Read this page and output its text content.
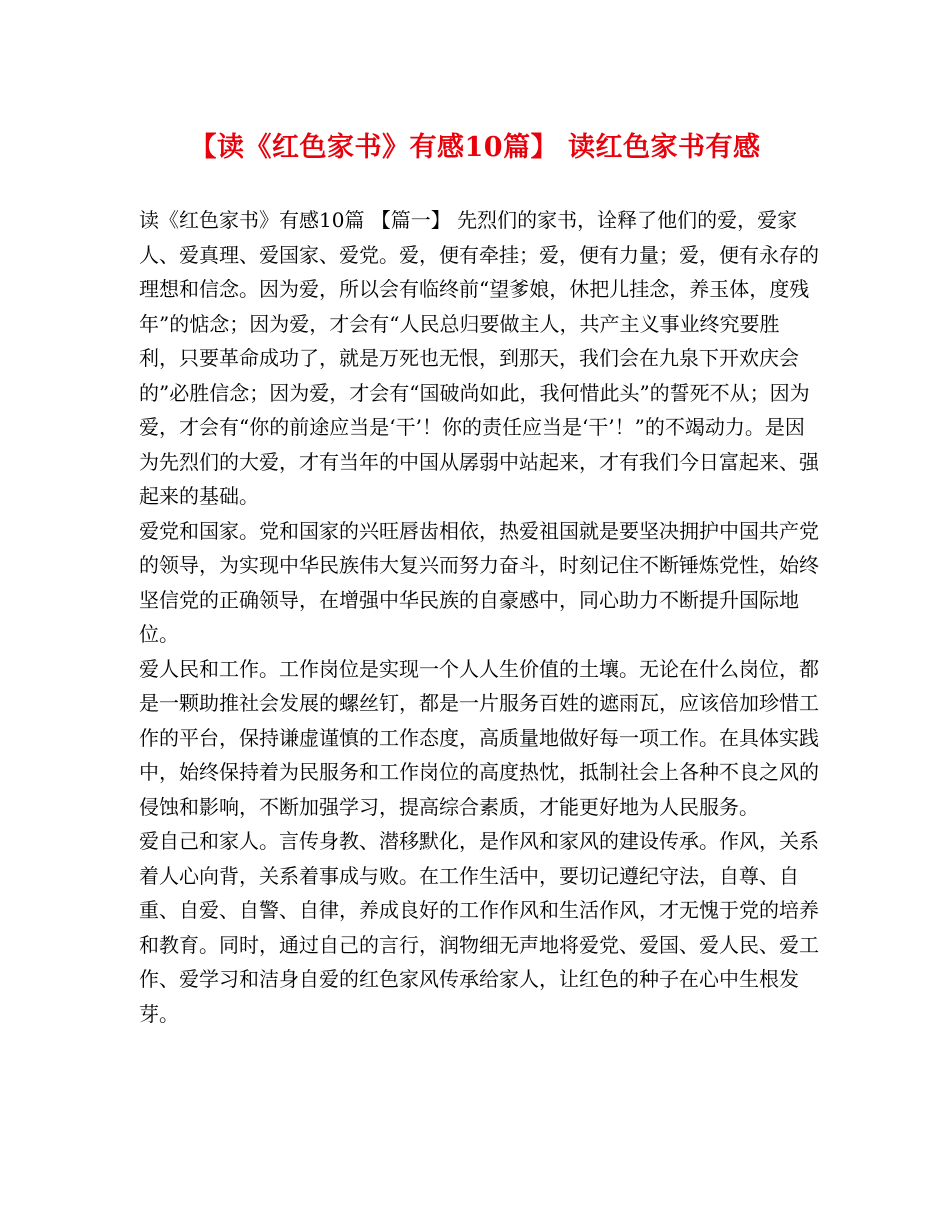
【读《红色家书》有感10篇】 读红色家书有感

读《红色家书》有感10篇 【篇一】 先烈们的家书，诠释了他们的爱，爱家人、爱真理、爱国家、爱党。爱，便有牵挂；爱，便有力量；爱，便有永存的理想和信念。因为爱，所以会有临终前“望爹娘，休把儿挂念，养玉体，度残年”的惦念；因为爱，才会有“人民总归要做主人，共产主义事业终究要胜利，只要革命成功了，就是万死也无恨，到那天，我们会在九泉下开欢庆会的”必胜信念；因为爱，才会有“国破尚如此，我何惜此头”的誓死不从；因为爱，才会有“你的前途应当是‘干’！你的责任应当是‘干’！”的不竭动力。是因为先烈们的大爱，才有当年的中国从孱弱中站起来，才有我们今日富起来、强起来的基础。

爱党和国家。党和国家的兴旺唇齿相依，热爱祖国就是要坚决拥护中国共产党的领导，为实现中华民族伟大复兴而努力奋斗，时刻记住不断锤炼党性，始终坚信党的正确领导，在增强中华民族的自豪感中，同心助力不断提升国际地位。

爱人民和工作。工作岗位是实现一个人人生价值的土壤。无论在什么岗位，都是一颗助推社会发展的螺丝钉，都是一片服务百姓的遮雨瓦，应该倍加珍惜工作的平台，保持谦虚谨慎的工作态度，高质量地做好每一项工作。在具体实践中，始终保持着为民服务和工作岗位的高度热忱，抵制社会上各种不良之风的侵蚀和影响，不断加强学习，提高综合素质，才能更好地为人民服务。

爱自己和家人。言传身教、潜移默化，是作风和家风的建设传承。作风，关系着人心向背，关系着事成与败。在工作生活中，要切记遵纪守法，自尊、自重、自爱、自警、自律，养成良好的工作作风和生活作风，才无愧于党的培养和教育。同时，通过自己的言行，润物细无声地将爱党、爱国、爱人民、爱工作、爱学习和洁身自爱的红色家风传承给家人，让红色的种子在心中生根发芽。
